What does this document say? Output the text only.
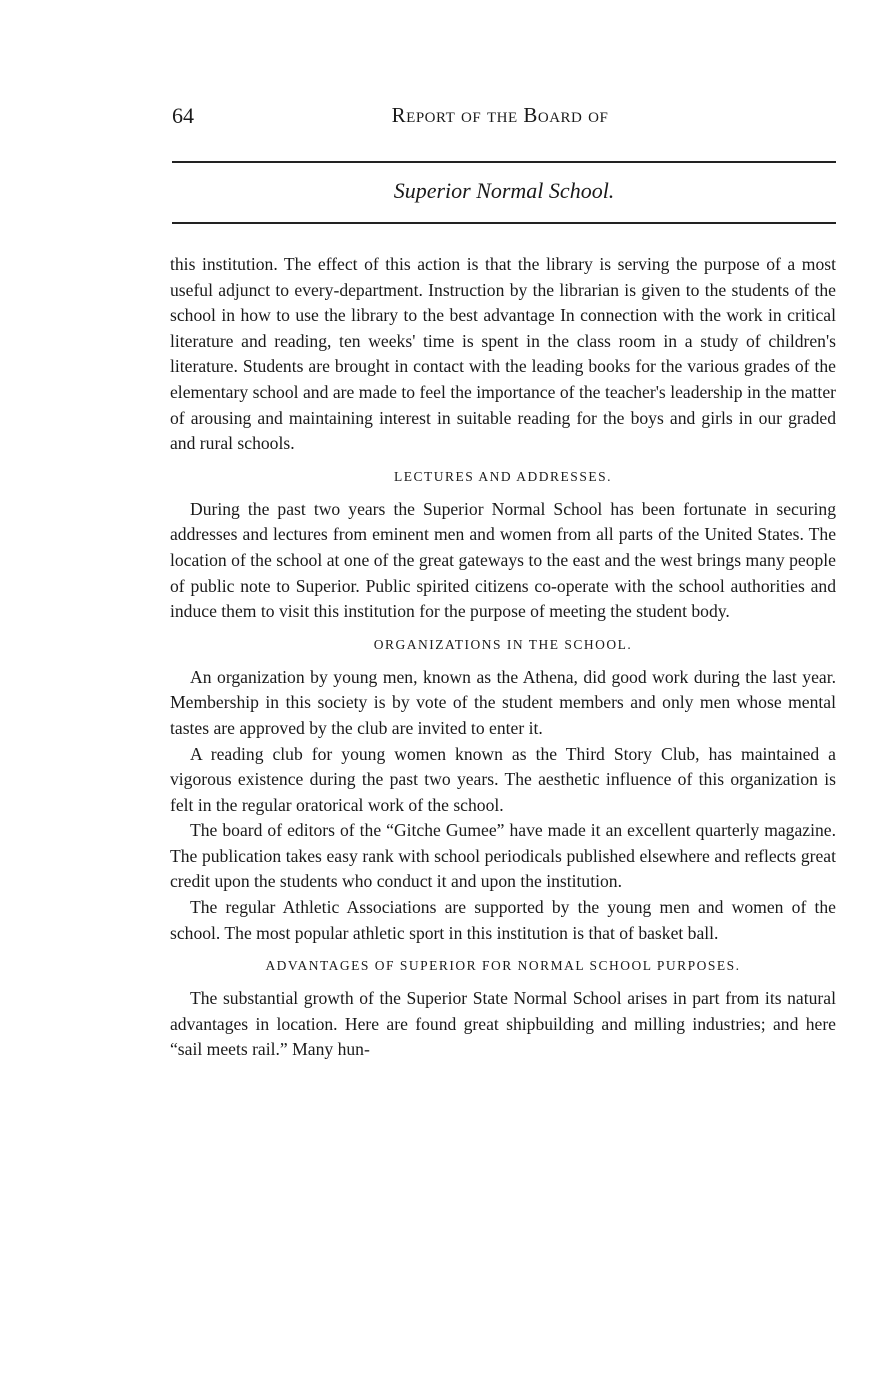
64	Report of the Board of
Superior Normal School.

this institution. The effect of this action is that the library is serving the purpose of a most useful adjunct to every-department. Instruction by the librarian is given to the students of the school in how to use the library to the best advantage In connection with the work in critical literature and reading, ten weeks' time is spent in the class room in a study of children's literature. Students are brought in contact with the leading books for the various grades of the elementary school and are made to feel the importance of the teacher's leadership in the matter of arousing and maintaining interest in suitable reading for the boys and girls in our graded and rural schools.

LECTURES AND ADDRESSES.

During the past two years the Superior Normal School has been fortunate in securing addresses and lectures from eminent men and women from all parts of the United States. The location of the school at one of the great gateways to the east and the west brings many people of public note to Superior. Public spirited citizens co-operate with the school authorities and induce them to visit this institution for the purpose of meeting the student body.

ORGANIZATIONS IN THE SCHOOL.

An organization by young men, known as the Athena, did good work during the last year. Membership in this society is by vote of the student members and only men whose mental tastes are approved by the club are invited to enter it.

A reading club for young women known as the Third Story Club, has maintained a vigorous existence during the past two years. The aesthetic influence of this organization is felt in the regular oratorical work of the school.

The board of editors of the “Gitche Gumee” have made it an excellent quarterly magazine. The publication takes easy rank with school periodicals published elsewhere and reflects great credit upon the students who conduct it and upon the institution.

The regular Athletic Associations are supported by the young men and women of the school. The most popular athletic sport in this institution is that of basket ball.

ADVANTAGES OF SUPERIOR FOR NORMAL SCHOOL PURPOSES.

The substantial growth of the Superior State Normal School arises in part from its natural advantages in location. Here are found great shipbuilding and milling industries; and here “sail meets rail.” Many hun-
